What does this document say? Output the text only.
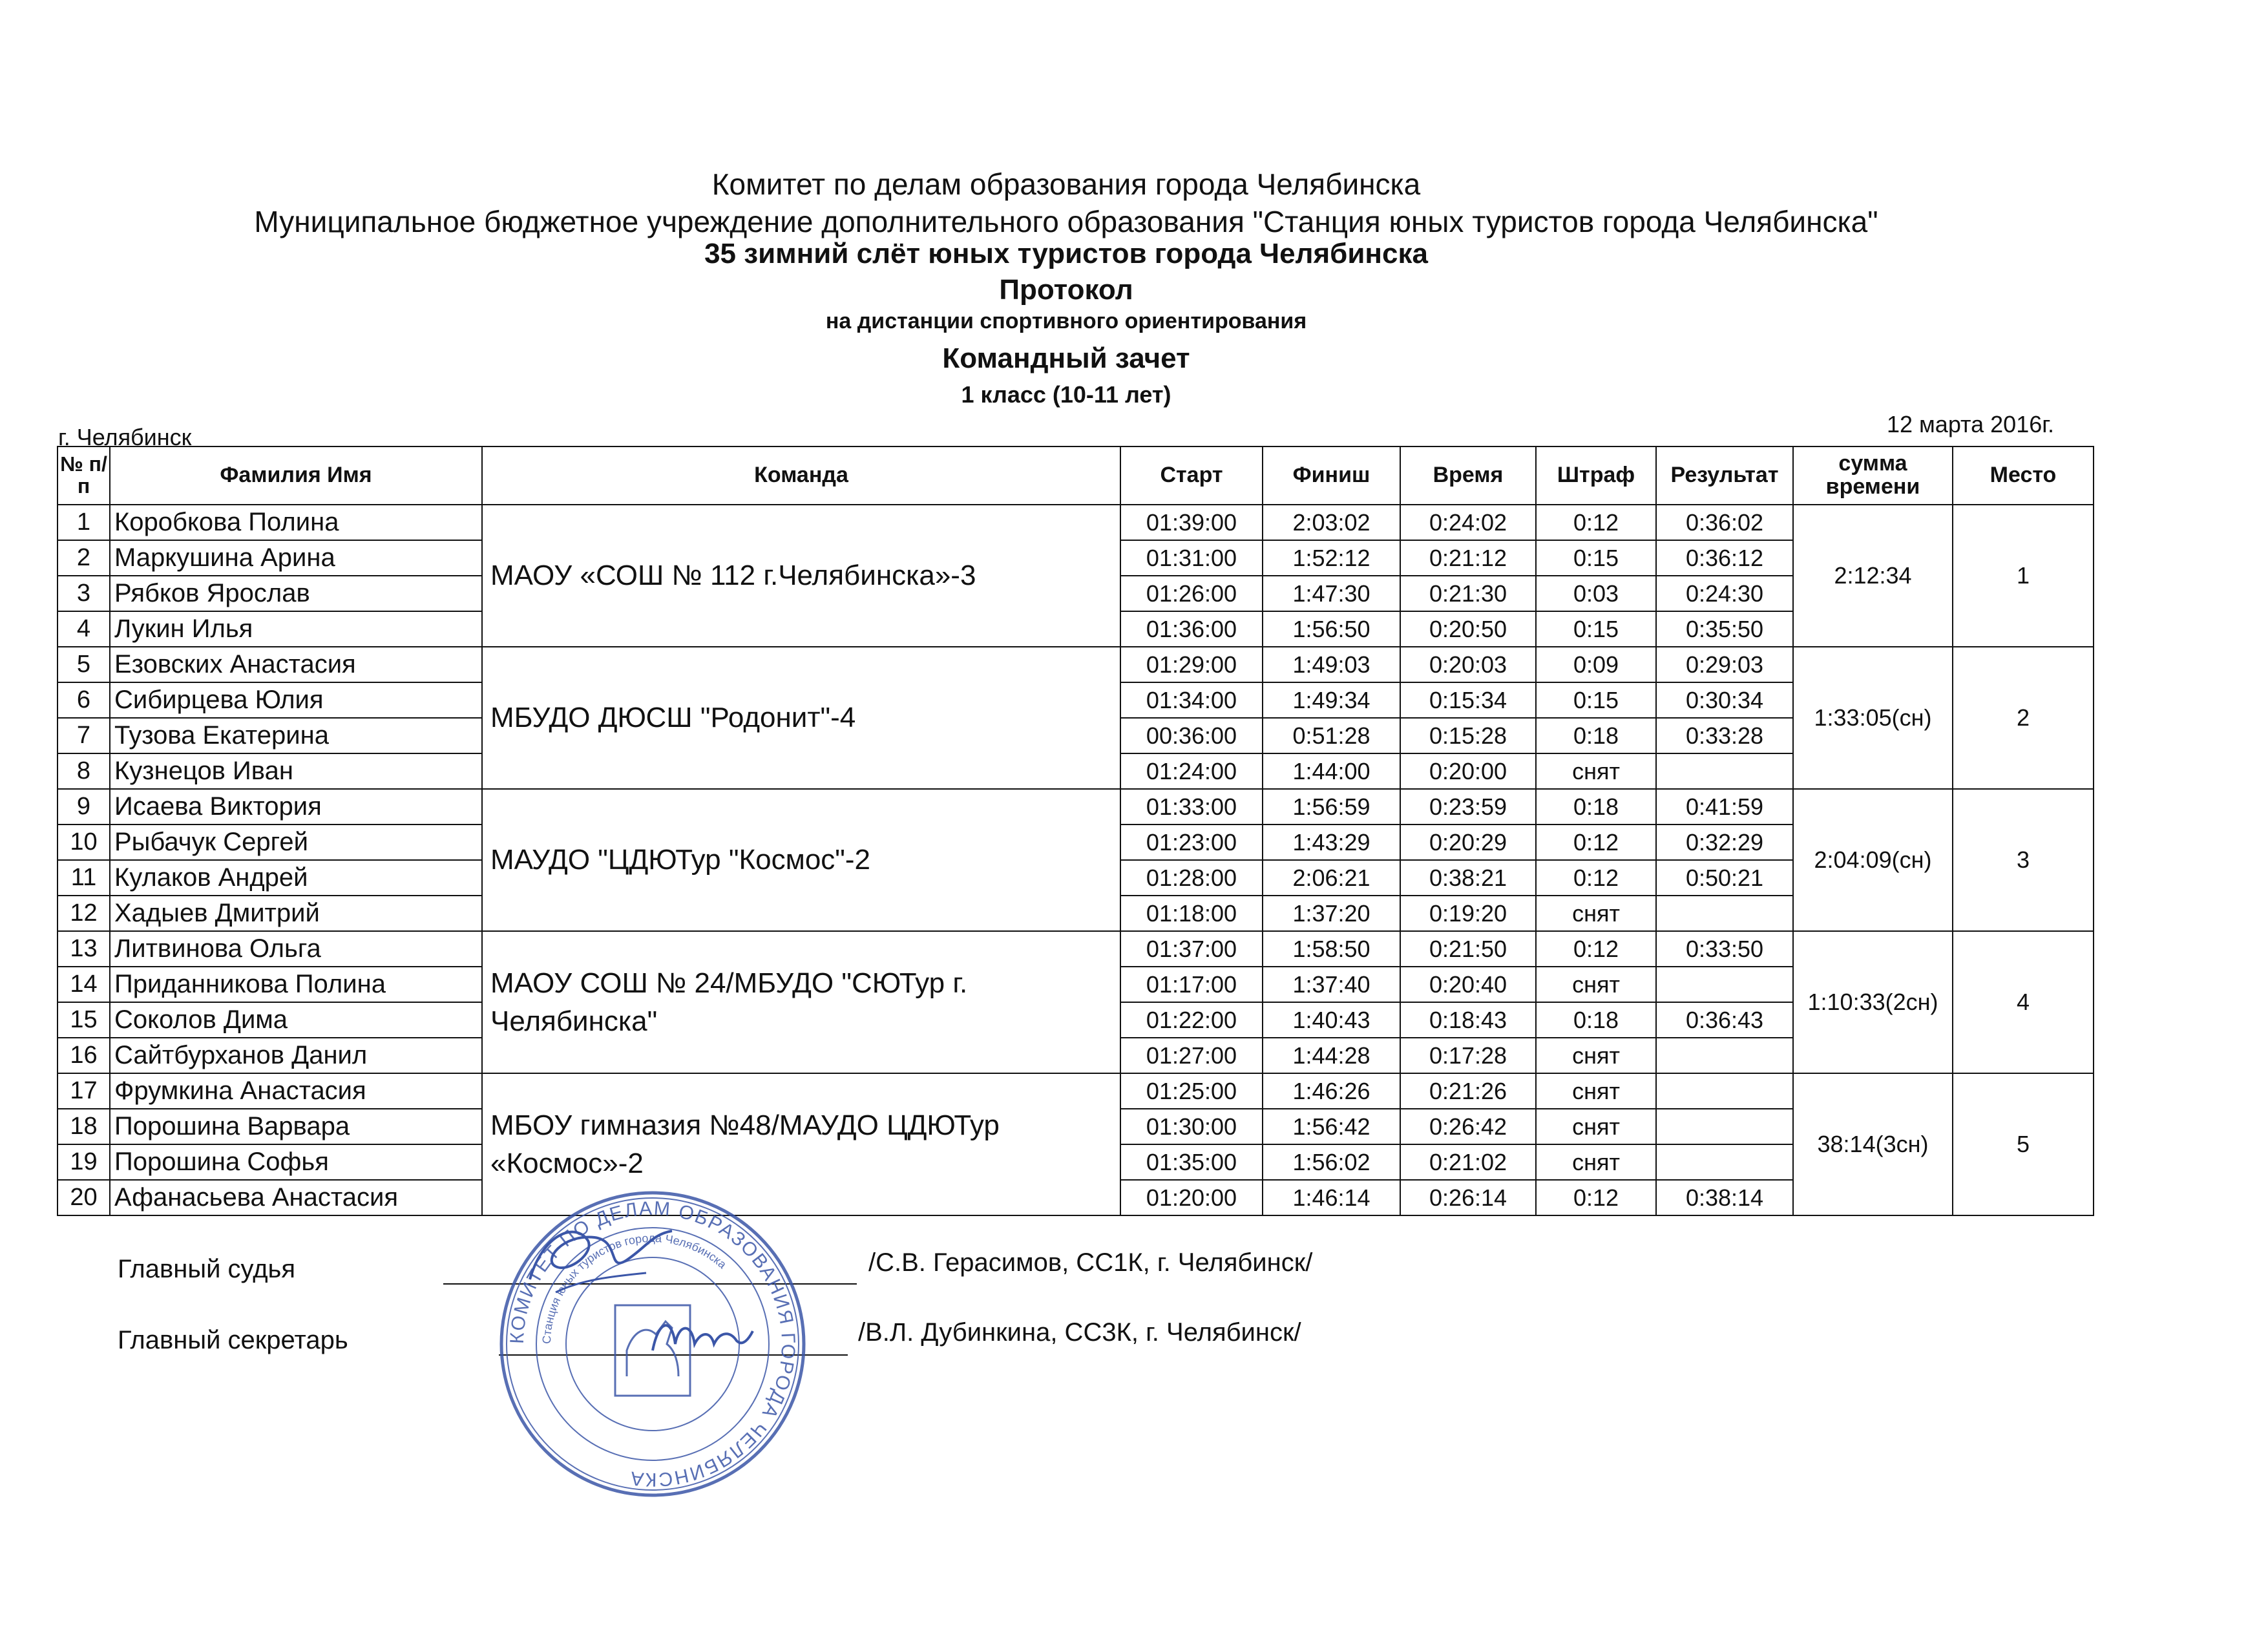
Комитет по делам образования города Челябинска
Муниципальное бюджетное учреждение дополнительного образования "Станция юных туристов города Челябинска"
35 зимний слёт юных туристов города Челябинска
Протокол
на дистанции спортивного ориентирования
Командный зачет
1 класс (10-11 лет)
г. Челябинск	12 марта 2016г.
№ п/п	Фамилия Имя	Команда	Старт	Финиш	Время	Штраф	Результат	сумма времени	Место
1	Коробкова Полина	МАОУ «СОШ № 112 г.Челябинска»-3	01:39:00	2:03:02	0:24:02	0:12	0:36:02	2:12:34	1
2	Маркушина Арина		01:31:00	1:52:12	0:21:12	0:15	0:36:12		
3	Рябков Ярослав		01:26:00	1:47:30	0:21:30	0:03	0:24:30		
4	Лукин Илья		01:36:00	1:56:50	0:20:50	0:15	0:35:50		
5	Езовских Анастасия	МБУДО ДЮСШ "Родонит"-4	01:29:00	1:49:03	0:20:03	0:09	0:29:03	1:33:05(сн)	2
6	Сибирцева Юлия		01:34:00	1:49:34	0:15:34	0:15	0:30:34		
7	Тузова Екатерина		00:36:00	0:51:28	0:15:28	0:18	0:33:28		
8	Кузнецов Иван		01:24:00	1:44:00	0:20:00	снят			
9	Исаева Виктория	МАУДО "ЦДЮТур "Космос"-2	01:33:00	1:56:59	0:23:59	0:18	0:41:59	2:04:09(сн)	3
10	Рыбачук Сергей		01:23:00	1:43:29	0:20:29	0:12	0:32:29		
11	Кулаков Андрей		01:28:00	2:06:21	0:38:21	0:12	0:50:21		
12	Хадыев Дмитрий		01:18:00	1:37:20	0:19:20	снят			
13	Литвинова Ольга	МАОУ СОШ № 24/МБУДО "СЮТур г. Челябинска"	01:37:00	1:58:50	0:21:50	0:12	0:33:50	1:10:33(2сн)	4
14	Приданникова Полина		01:17:00	1:37:40	0:20:40	снят			
15	Соколов Дима		01:22:00	1:40:43	0:18:43	0:18	0:36:43		
16	Сайтбурханов Данил		01:27:00	1:44:28	0:17:28	снят			
17	Фрумкина Анастасия	МБОУ гимназия №48/МАУДО ЦДЮТур «Космос»-2	01:25:00	1:46:26	0:21:26	снят		38:14(3сн)	5
18	Порошина Варвара		01:30:00	1:56:42	0:26:42	снят			
19	Порошина Софья		01:35:00	1:56:02	0:21:02	снят			
20	Афанасьева Анастасия		01:20:00	1:46:14	0:26:14	0:12	0:38:14		
Главный судья	/С.В. Герасимов, СС1К, г. Челябинск/
Главный секретарь	/В.Л. Дубинкина, СС3К, г. Челябинск/
КОМИТЕТ ПО ДЕЛАМ ОБРАЗОВАНИЯ ГОРОДА ЧЕЛЯБИНСКА
Станция юных туристов города Челябинска
